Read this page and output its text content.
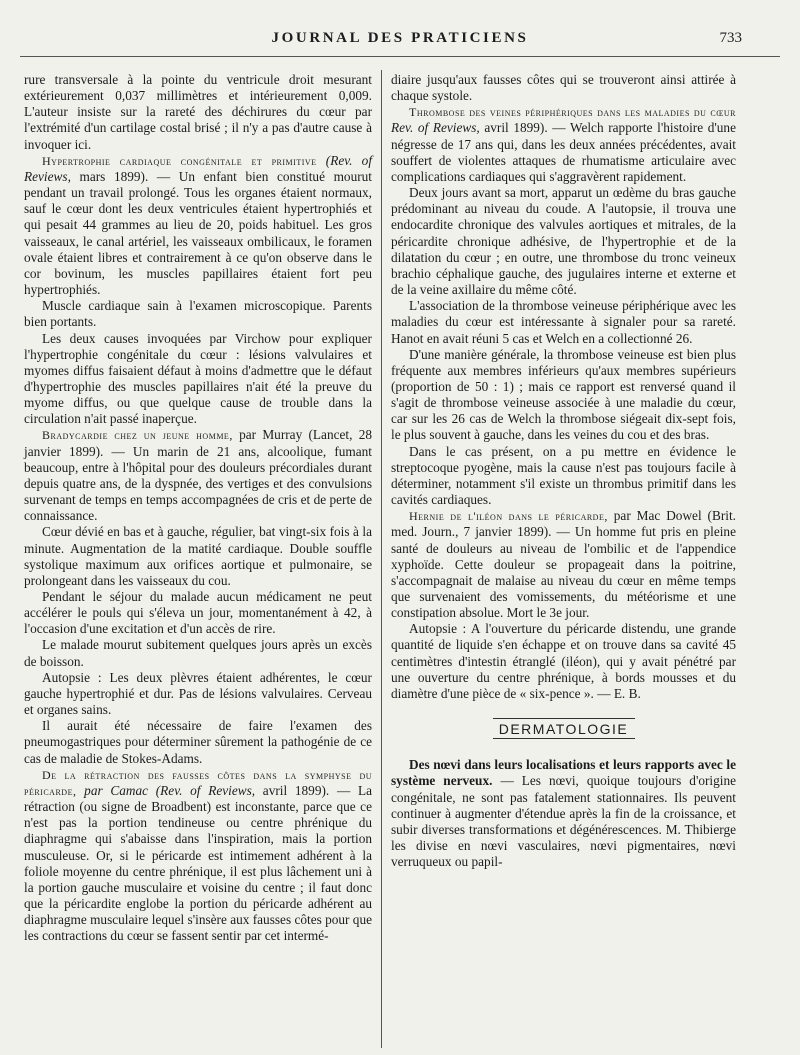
JOURNAL DES PRATICIENS	733

rure transversale à la pointe du ventricule droit mesurant extérieurement 0,037 millimètres et intérieurement 0,009. L'auteur insiste sur la rareté des déchirures du cœur par l'extrémité d'un cartilage costal brisé ; il n'y a pas d'autre cause à invoquer ici.

Hypertrophie cardiaque congénitale et primitive (Rev. of Reviews, mars 1899). — Un enfant bien constitué mourut pendant un travail prolongé. Tous les organes étaient normaux, sauf le cœur dont les deux ventricules étaient hypertrophiés et qui pesait 44 grammes au lieu de 20, poids habituel. Les gros vaisseaux, le canal artériel, les vaisseaux ombilicaux, le foramen ovale étaient libres et contrairement à ce qu'on observe dans le cor bovinum, les muscles papillaires étaient fort peu hypertrophiés.

Muscle cardiaque sain à l'examen microscopique. Parents bien portants.

Les deux causes invoquées par Virchow pour expliquer l'hypertrophie congénitale du cœur : lésions valvulaires et myomes diffus faisaient défaut à moins d'admettre que le défaut d'hypertrophie des muscles papillaires n'ait été la preuve du myome diffus, ou que quelque cause de trouble dans la circulation n'ait passé inaperçue.

Bradycardie chez un jeune homme, par Murray (Lancet, 28 janvier 1899). — Un marin de 21 ans, alcoolique, fumant beaucoup, entre à l'hôpital pour des douleurs précordiales durant depuis quatre ans, de la dyspnée, des vertiges et des convulsions survenant de temps en temps accompagnées de cris et de perte de connaissance.

Cœur dévié en bas et à gauche, régulier, bat vingt-six fois à la minute. Augmentation de la matité cardiaque. Double souffle systolique maximum aux orifices aortique et pulmonaire, se prolongeant dans les vaisseaux du cou.

Pendant le séjour du malade aucun médicament ne peut accélérer le pouls qui s'éleva un jour, momentanément à 42, à l'occasion d'une excitation et d'un accès de rire.

Le malade mourut subitement quelques jours après un excès de boisson.

Autopsie : Les deux plèvres étaient adhérentes, le cœur gauche hypertrophié et dur. Pas de lésions valvulaires. Cerveau et organes sains.

Il aurait été nécessaire de faire l'examen des pneumogastriques pour déterminer sûrement la pathogénie de ce cas de maladie de Stokes-Adams.

De la rétraction des fausses côtes dans la symphyse du péricarde, par Camac (Rev. of Reviews, avril 1899). — La rétraction (ou signe de Broadbent) est inconstante, parce que ce n'est pas la portion tendineuse ou centre phrénique du diaphragme qui s'abaisse dans l'inspiration, mais la portion musculeuse. Or, si le péricarde est intimement adhérent à la foliole moyenne du centre phrénique, il est plus lâchement uni à la portion gauche musculaire et voisine du centre ; il faut donc que la péricardite englobe la portion du péricarde adhérent au diaphragme musculaire lequel s'insère aux fausses côtes pour que les contractions du cœur se fassent sentir par cet intermé-

diaire jusqu'aux fausses côtes qui se trouveront ainsi attirée à chaque systole.

Thrombose des veines périphériques dans les maladies du cœur Rev. of Reviews, avril 1899). — Welch rapporte l'histoire d'une négresse de 17 ans qui, dans les deux années précédentes, avait souffert de violentes attaques de rhumatisme articulaire avec complications cardiaques qui s'aggravèrent rapidement.

Deux jours avant sa mort, apparut un œdème du bras gauche prédominant au niveau du coude. A l'autopsie, il trouva une endocardite chronique des valvules aortiques et mitrales, de la péricardite chronique adhésive, de l'hypertrophie et de la dilatation du cœur ; en outre, une thrombose du tronc veineux brachio céphalique gauche, des jugulaires interne et externe et de la veine axillaire du même côté.

L'association de la thrombose veineuse périphérique avec les maladies du cœur est intéressante à signaler pour sa rareté. Hanot en avait réuni 5 cas et Welch en a collectionné 26.

D'une manière générale, la thrombose veineuse est bien plus fréquente aux membres inférieurs qu'aux membres supérieurs (proportion de 50 : 1) ; mais ce rapport est renversé quand il s'agit de thrombose veineuse associée à une maladie du cœur, car sur les 26 cas de Welch la thrombose siégeait dix-sept fois, le plus souvent à gauche, dans les veines du cou et des bras.

Dans le cas présent, on a pu mettre en évidence le streptocoque pyogène, mais la cause n'est pas toujours facile à déterminer, notamment s'il existe un thrombus primitif dans les cavités cardiaques.

Hernie de l'iléon dans le péricarde, par Mac Dowel (Brit. med. Journ., 7 janvier 1899). — Un homme fut pris en pleine santé de douleurs au niveau de l'ombilic et de l'appendice xyphoïde. Cette douleur se propageait dans la poitrine, s'accompagnait de malaise au niveau du cœur en même temps que survenaient des vomissements, du météorisme et une constipation absolue. Mort le 3e jour.

Autopsie : A l'ouverture du péricarde distendu, une grande quantité de liquide s'en échappe et on trouve dans sa cavité 45 centimètres d'intestin étranglé (iléon), qui y avait pénétré par une ouverture du centre phrénique, à bords mousses et du diamètre d'une pièce de « six-pence ». — E. B.

DERMATOLOGIE

Des nœvi dans leurs localisations et leurs rapports avec le système nerveux. — Les nœvi, quoique toujours d'origine congénitale, ne sont pas fatalement stationnaires. Ils peuvent continuer à augmenter d'étendue après la fin de la croissance, et subir diverses transformations et dégénérescences. M. Thibierge les divise en nœvi vasculaires, nœvi pigmentaires, nœvi verruqueux ou papil-
